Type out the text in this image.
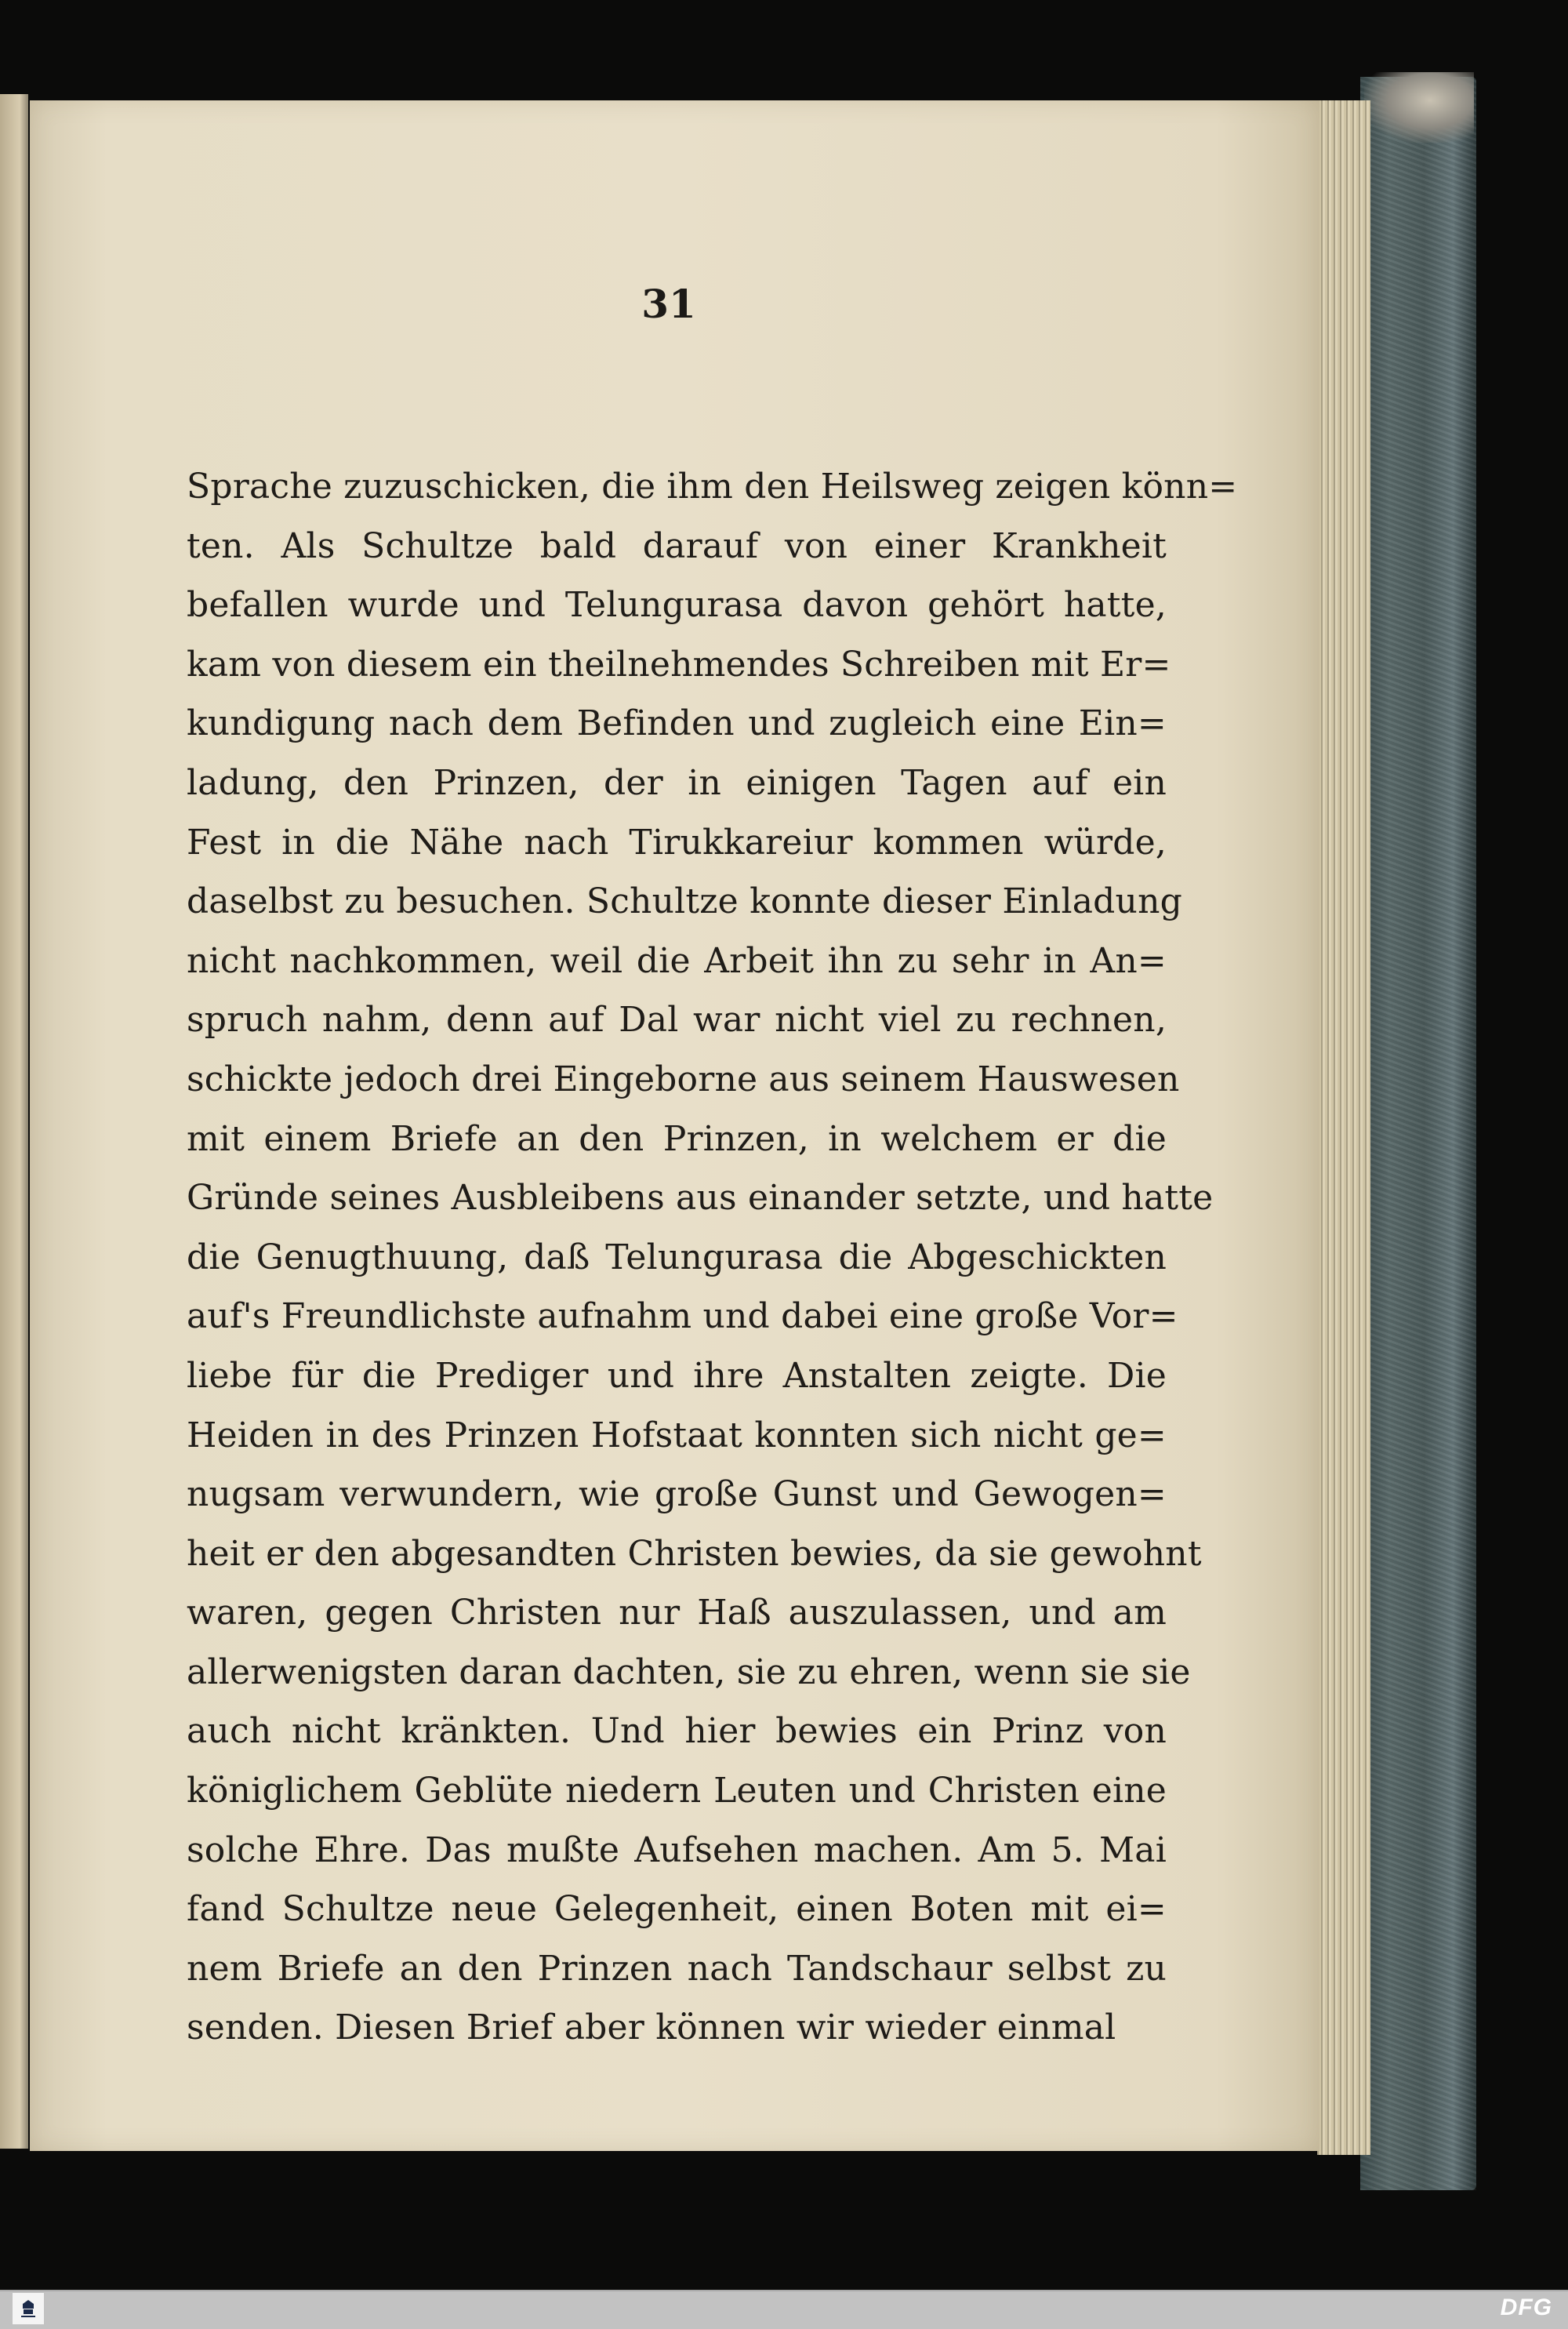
31
Sprache zuzuschicken, die ihm den Heilsweg zeigen könn=
ten. Als Schultze bald darauf von einer Krankheit
befallen wurde und Telungurasa davon gehört hatte,
kam von diesem ein theilnehmendes Schreiben mit Er=
kundigung nach dem Befinden und zugleich eine Ein=
ladung, den Prinzen, der in einigen Tagen auf ein
Fest in die Nähe nach Tirukkareiur kommen würde,
daselbst zu besuchen. Schultze konnte dieser Einladung
nicht nachkommen, weil die Arbeit ihn zu sehr in An=
spruch nahm, denn auf Dal war nicht viel zu rechnen,
schickte jedoch drei Eingeborne aus seinem Hauswesen
mit einem Briefe an den Prinzen, in welchem er die
Gründe seines Ausbleibens aus einander setzte, und hatte
die Genugthuung, daß Telungurasa die Abgeschickten
auf's Freundlichste aufnahm und dabei eine große Vor=
liebe für die Prediger und ihre Anstalten zeigte. Die
Heiden in des Prinzen Hofstaat konnten sich nicht ge=
nugsam verwundern, wie große Gunst und Gewogen=
heit er den abgesandten Christen bewies, da sie gewohnt
waren, gegen Christen nur Haß auszulassen, und am
allerwenigsten daran dachten, sie zu ehren, wenn sie sie
auch nicht kränkten. Und hier bewies ein Prinz von
königlichem Geblüte niedern Leuten und Christen eine
solche Ehre. Das mußte Aufsehen machen. Am 5. Mai
fand Schultze neue Gelegenheit, einen Boten mit ei=
nem Briefe an den Prinzen nach Tandschaur selbst zu
senden. Diesen Brief aber können wir wieder einmal
DFG
